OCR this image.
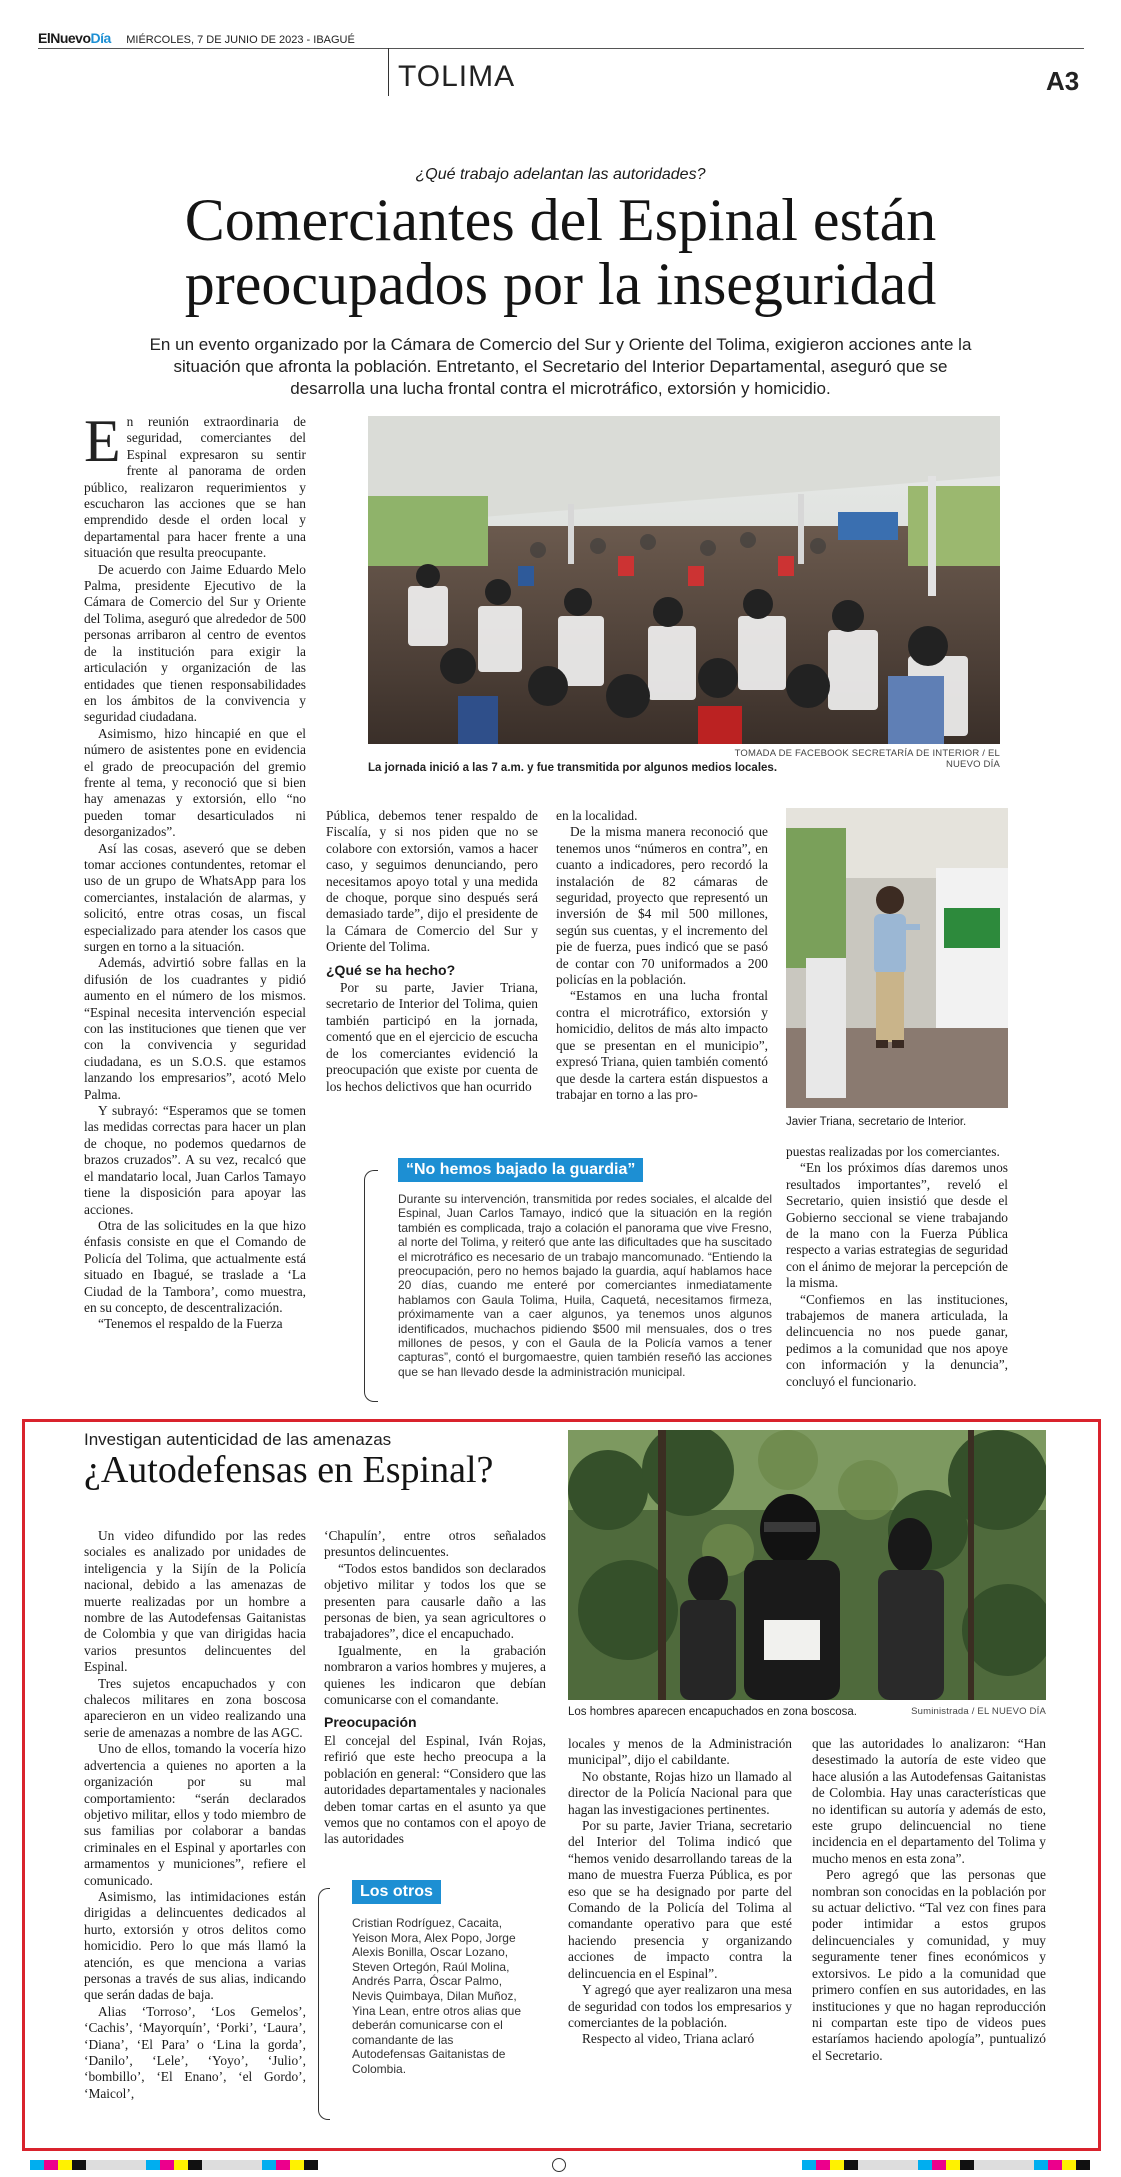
ElNuevoDía MIÉRCOLES, 7 DE JUNIO DE 2023 - IBAGUÉ
TOLIMA	A3
¿Qué trabajo adelantan las autoridades?
Comerciantes del Espinal están
preocupados por la inseguridad
En un evento organizado por la Cámara de Comercio del Sur y Oriente del Tolima, exigieron acciones ante la
situación que afronta la población. Entretanto, el Secretario del Interior Departamental, aseguró que se
desarrolla una lucha frontal contra el microtráfico, extorsión y homicidio.
E n reunión extraordinaria de seguridad, comerciantes del Espinal expresaron su sentir frente al panorama de orden público, realizaron requerimientos y escucharon las acciones que se han emprendido desde el orden local y departamental para hacer frente a una situación que resulta preocupante.

De acuerdo con Jaime Eduardo Melo Palma, presidente Ejecutivo de la Cámara de Comercio del Sur y Oriente del Tolima, aseguró que alrededor de 500 personas arribaron al centro de eventos de la institución para exigir la articulación y organización de las entidades que tienen responsabilidades en los ámbitos de la convivencia y seguridad ciudadana.

Asimismo, hizo hincapié en que el número de asistentes pone en evidencia el grado de preocupación del gremio frente al tema, y reconoció que si bien hay amenazas y extorsión, ello “no pueden tomar desarticulados ni desorganizados”.

Así las cosas, aseveró que se deben tomar acciones contundentes, retomar el uso de un grupo de WhatsApp para los comerciantes, instalación de alarmas, y solicitó, entre otras cosas, un fiscal especializado para atender los casos que surgen en torno a la situación.

Además, advirtió sobre fallas en la difusión de los cuadrantes y pidió aumento en el número de los mismos. “Espinal necesita intervención especial con las instituciones que tienen que ver con la convivencia y seguridad ciudadana, es un S.O.S. que estamos lanzando los empresarios”, acotó Melo Palma.

Y subrayó: “Esperamos que se tomen las medidas correctas para hacer un plan de choque, no podemos quedarnos de brazos cruzados”. A su vez, recalcó que el mandatario local, Juan Carlos Tamayo tiene la disposición para apoyar las acciones.

Otra de las solicitudes en la que hizo énfasis consiste en que el Comando de Policía del Tolima, que actualmente está situado en Ibagué, se traslade a ‘La Ciudad de la Tambora’, como muestra, en su concepto, de descentralización.

“Tenemos el respaldo de la Fuerza

TOMADA DE FACEBOOK SECRETARÍA DE INTERIOR / EL NUEVO DÍA
La jornada inició a las 7 a.m. y fue transmitida por algunos medios locales.

Pública, debemos tener respaldo de Fiscalía, y si nos piden que no se colabore con extorsión, vamos a hacer caso, y seguimos denunciando, pero necesitamos apoyo total y una medida de choque, porque sino después será demasiado tarde”, dijo el presidente de la Cámara de Comercio del Sur y Oriente del Tolima.

¿Qué se ha hecho?

Por su parte, Javier Triana, secretario de Interior del Tolima, quien también participó en la jornada, comentó que en el ejercicio de escucha de los comerciantes evidenció la preocupación que existe por cuenta de los hechos delictivos que han ocurrido

en la localidad.

De la misma manera reconoció que tenemos unos “números en contra”, en cuanto a indicadores, pero recordó la instalación de 82 cámaras de seguridad, proyecto que representó un inversión de $4 mil 500 millones, según sus cuentas, y el incremento del pie de fuerza, pues indicó que se pasó de contar con 70 uniformados a 200 policías en la población.

“Estamos en una lucha frontal contra el microtráfico, extorsión y homicidio, delitos de más alto impacto que se presentan en el municipio”, expresó Triana, quien también comentó que desde la cartera están dispuestos a trabajar en torno a las pro-

Javier Triana, secretario de Interior.

puestas realizadas por los comerciantes.

“En los próximos días daremos unos resultados importantes”, reveló el Secretario, quien insistió que desde el Gobierno seccional se viene trabajando de la mano con la Fuerza Pública respecto a varias estrategias de seguridad con el ánimo de mejorar la percepción de la misma.

“Confiemos en las instituciones, trabajemos de manera articulada, la delincuencia no nos puede ganar, pedimos a la comunidad que nos apoye con información y la denuncia”, concluyó el funcionario.

“No hemos bajado la guardia”
Durante su intervención, transmitida por redes sociales, el alcalde del Espinal, Juan Carlos Tamayo, indicó que la situación en la región también es complicada, trajo a colación el panorama que vive Fresno, al norte del Tolima, y reiteró que ante las dificultades que ha suscitado el microtráfico es necesario de un trabajo mancomunado. “Entiendo la preocupación, pero no hemos bajado la guardia, aquí hablamos hace 20 días, cuando me enteré por comerciantes inmediatamente hablamos con Gaula Tolima, Huila, Caquetá, necesitamos firmeza, próximamente van a caer algunos, ya tenemos unos algunos identificados, muchachos pidiendo $500 mil mensuales, dos o tres millones de pesos, y con el Gaula de la Policía vamos a tener capturas”, contó el burgomaestre, quien también reseñó las acciones que se han llevado desde la administración municipal.
Investigan autenticidad de las amenazas
¿Autodefensas en Espinal?

Un video difundido por las redes sociales es analizado por unidades de inteligencia y la Sijín de la Policía nacional, debido a las amenazas de muerte realizadas por un hombre a nombre de las Autodefensas Gaitanistas de Colombia y que van dirigidas hacia varios presuntos delincuentes del Espinal.

Tres sujetos encapuchados y con chalecos militares en zona boscosa aparecieron en un video realizando una serie de amenazas a nombre de las AGC.

Uno de ellos, tomando la vocería hizo advertencia a quienes no aporten a la organización por su mal comportamiento: “serán declarados objetivo militar, ellos y todo miembro de sus familias por colaborar a bandas criminales en el Espinal y aportarles con armamentos y municiones”, refiere el comunicado.

Asimismo, las intimidaciones están dirigidas a delincuentes dedicados al hurto, extorsión y otros delitos como homicidio. Pero lo que más llamó la atención, es que menciona a varias personas a través de sus alias, indicando que serán dadas de baja.

Alias ‘Torroso’, ‘Los Gemelos’, ‘Cachis’, ‘Mayorquín’, ‘Porki’, ‘Laura’, ‘Diana’, ‘El Para’ o ‘Lina la gorda’, ‘Danilo’, ‘Lele’, ‘Yoyo’, ‘Julio’, ‘bombillo’, ‘El Enano’, ‘el Gordo’, ‘Maicol’,

‘Chapulín’, entre otros señalados presuntos delincuentes.

“Todos estos bandidos son declarados objetivo militar y todos los que se presenten para causarle daño a las personas de bien, ya sean agricultores o trabajadores”, dice el encapuchado.

Igualmente, en la grabación nombraron a varios hombres y mujeres, a quienes les indicaron que debían comunicarse con el comandante.

Preocupación

El concejal del Espinal, Iván Rojas, refirió que este hecho preocupa a la población en general: “Considero que las autoridades departamentales y nacionales deben tomar cartas en el asunto ya que vemos que no contamos con el apoyo de las autoridades

Los hombres aparecen encapuchados en zona boscosa.	Suministrada / EL NUEVO DÍA
Los otros
Cristian Rodríguez, Cacaita, Yeison Mora, Alex Popo, Jorge Alexis Bonilla, Oscar Lozano, Steven Ortegón, Raúl Molina, Andrés Parra, Óscar Palmo, Nevis Quimbaya, Dilan Muñoz, Yina Lean, entre otros alias que deberán comunicarse con el comandante de las Autodefensas Gaitanistas de Colombia.

locales y menos de la Administración municipal”, dijo el cabildante.

No obstante, Rojas hizo un llamado al director de la Policía Nacional para que hagan las investigaciones pertinentes.

Por su parte, Javier Triana, secretario del Interior del Tolima indicó que “hemos venido desarrollando tareas de la mano de muestra Fuerza Pública, es por eso que se ha designado por parte del Comando de la Policía del Tolima al comandante operativo para que esté haciendo presencia y organizando acciones de impacto contra la delincuencia en el Espinal”.

Y agregó que ayer realizaron una mesa de seguridad con todos los empresarios y comerciantes de la población.

Respecto al video, Triana aclaró

que las autoridades lo analizaron: “Han desestimado la autoría de este video que hace alusión a las Autodefensas Gaitanistas de Colombia. Hay unas características que no identifican su autoría y además de esto, este grupo delincuencial no tiene incidencia en el departamento del Tolima y mucho menos en esta zona”.

Pero agregó que las personas que nombran son conocidas en la población por su actuar delictivo. “Tal vez con fines para poder intimidar a estos grupos delincuenciales y comunidad, y muy seguramente tener fines económicos y extorsivos. Le pido a la comunidad que primero confíen en sus autoridades, en las instituciones y que no hagan reproducción ni compartan este tipo de videos pues estaríamos haciendo apología”, puntualizó el Secretario.
